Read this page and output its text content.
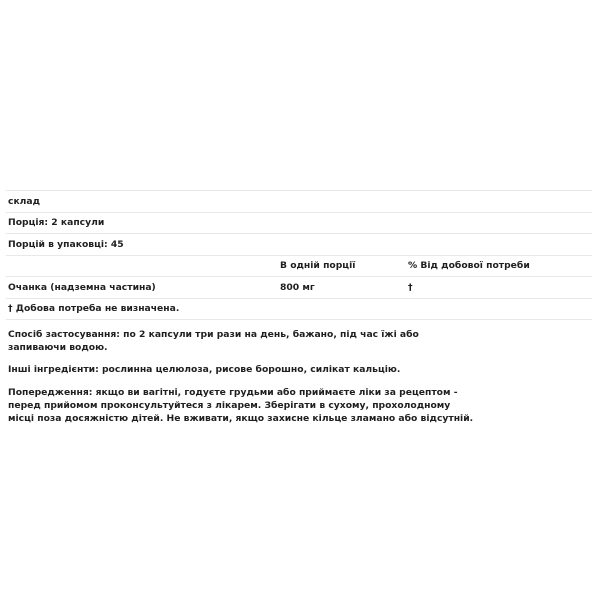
склад		
Порція: 2 капсули		
Порцій в упаковці: 45		
	В одній порції	% Від добової потреби
Очанка (надземна частина)	800 мг	†
† Добова потреба не визначена.		

Спосіб застосування: по 2 капсули три рази на день, бажано, під час їжі або запиваючи водою.

Інші інгредієнти: рослинна целюлоза, рисове борошно, силікат кальцію.

Попередження: якщо ви вагітні, годуєте грудьми або приймаєте ліки за рецептом - перед прийомом проконсультуйтеся з лікарем. Зберігати в сухому, прохолодному місці поза досяжністю дітей. Не вживати, якщо захисне кільце зламано або відсутній.
